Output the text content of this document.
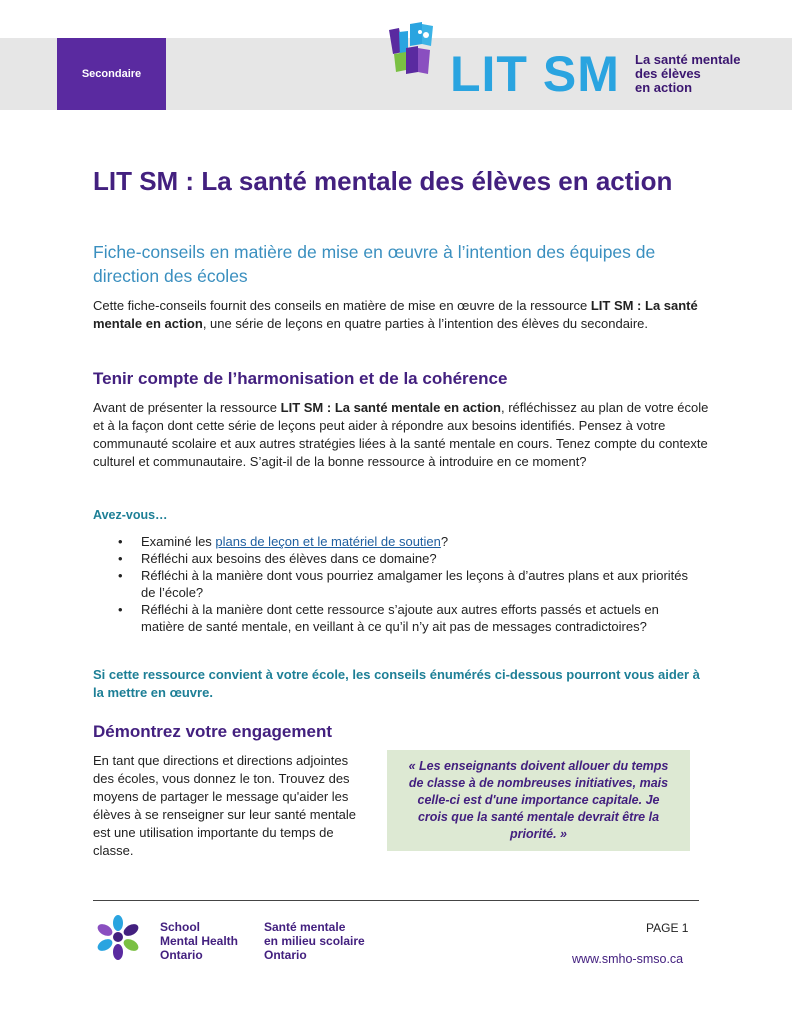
Secondaire	LIT SM La santé mentale
des élèves
en action
LIT SM : La santé mentale des élèves en action

Fiche-conseils en matière de mise en œuvre à l’intention des équipes de direction des écoles

Cette fiche-conseils fournit des conseils en matière de mise en œuvre de la ressource LIT SM : La santé mentale en action, une série de leçons en quatre parties à l’intention des élèves du secondaire.

Tenir compte de l’harmonisation et de la cohérence

Avant de présenter la ressource LIT SM : La santé mentale en action, réfléchissez au plan de votre école et à la façon dont cette série de leçons peut aider à répondre aux besoins identifiés. Pensez à votre communauté scolaire et aux autres stratégies liées à la santé mentale en cours. Tenez compte du contexte culturel et communautaire. S’agit-il de la bonne ressource à introduire en ce moment?

Avez-vous…

• Examiné les plans de leçon et le matériel de soutien?
• Réfléchi aux besoins des élèves dans ce domaine?
• Réfléchi à la manière dont vous pourriez amalgamer les leçons à d’autres plans et aux priorités de l’école?
• Réfléchi à la manière dont cette ressource s’ajoute aux autres efforts passés et actuels en matière de santé mentale, en veillant à ce qu’il n’y ait pas de messages contradictoires?

Si cette ressource convient à votre école, les conseils énumérés ci-dessous pourront vous aider à la mettre en œuvre.

Démontrez votre engagement

En tant que directions et directions adjointes des écoles, vous donnez le ton. Trouvez des moyens de partager le message qu'aider les élèves à se renseigner sur leur santé mentale est une utilisation importante du temps de classe.

« Les enseignants doivent allouer du temps de classe à de nombreuses initiatives, mais celle-ci est d'une importance capitale. Je crois que la santé mentale devrait être la priorité. »
School
Mental Health
Ontario
Santé mentale
en milieu scolaire
Ontario
PAGE 1
www.smho-smso.ca
